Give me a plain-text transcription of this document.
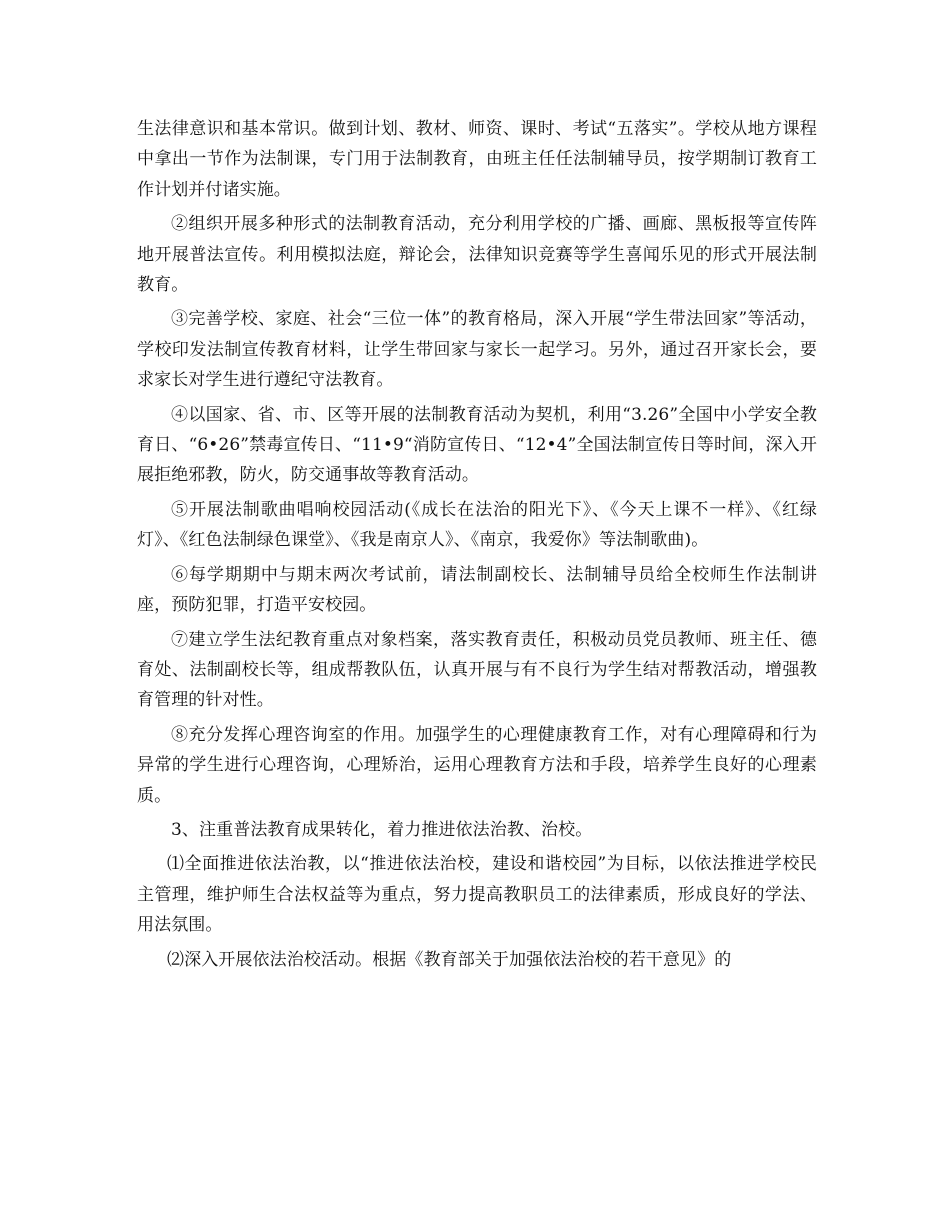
生法律意识和基本常识。做到计划、教材、师资、课时、考试“五落实”。学校从地方课程中拿出一节作为法制课，专门用于法制教育，由班主任任法制辅导员，按学期制订教育工作计划并付诸实施。

②组织开展多种形式的法制教育活动，充分利用学校的广播、画廊、黑板报等宣传阵地开展普法宣传。利用模拟法庭，辩论会，法律知识竞赛等学生喜闻乐见的形式开展法制教育。

③完善学校、家庭、社会“三位一体”的教育格局，深入开展“学生带法回家”等活动，学校印发法制宣传教育材料，让学生带回家与家长一起学习。另外，通过召开家长会，要求家长对学生进行遵纪守法教育。

④以国家、省、市、区等开展的法制教育活动为契机，利用“3.26”全国中小学安全教育日、“6•26”禁毒宣传日、“11•9“消防宣传日、“12•4”全国法制宣传日等时间，深入开展拒绝邪教，防火，防交通事故等教育活动。

⑤开展法制歌曲唱响校园活动(《成长在法治的阳光下》、《今天上课不一样》、《红绿灯》、《红色法制绿色课堂》、《我是南京人》、《南京，我爱你》等法制歌曲)。

⑥每学期期中与期末两次考试前，请法制副校长、法制辅导员给全校师生作法制讲座，预防犯罪，打造平安校园。

⑦建立学生法纪教育重点对象档案，落实教育责任，积极动员党员教师、班主任、德育处、法制副校长等，组成帮教队伍，认真开展与有不良行为学生结对帮教活动，增强教育管理的针对性。

⑧充分发挥心理咨询室的作用。加强学生的心理健康教育工作，对有心理障碍和行为异常的学生进行心理咨询，心理矫治，运用心理教育方法和手段，培养学生良好的心理素质。

3、注重普法教育成果转化，着力推进依法治教、治校。

⑴全面推进依法治教，以“推进依法治校，建设和谐校园”为目标，以依法推进学校民主管理，维护师生合法权益等为重点，努力提高教职员工的法律素质，形成良好的学法、用法氛围。

⑵深入开展依法治校活动。根据《教育部关于加强依法治校的若干意见》的
